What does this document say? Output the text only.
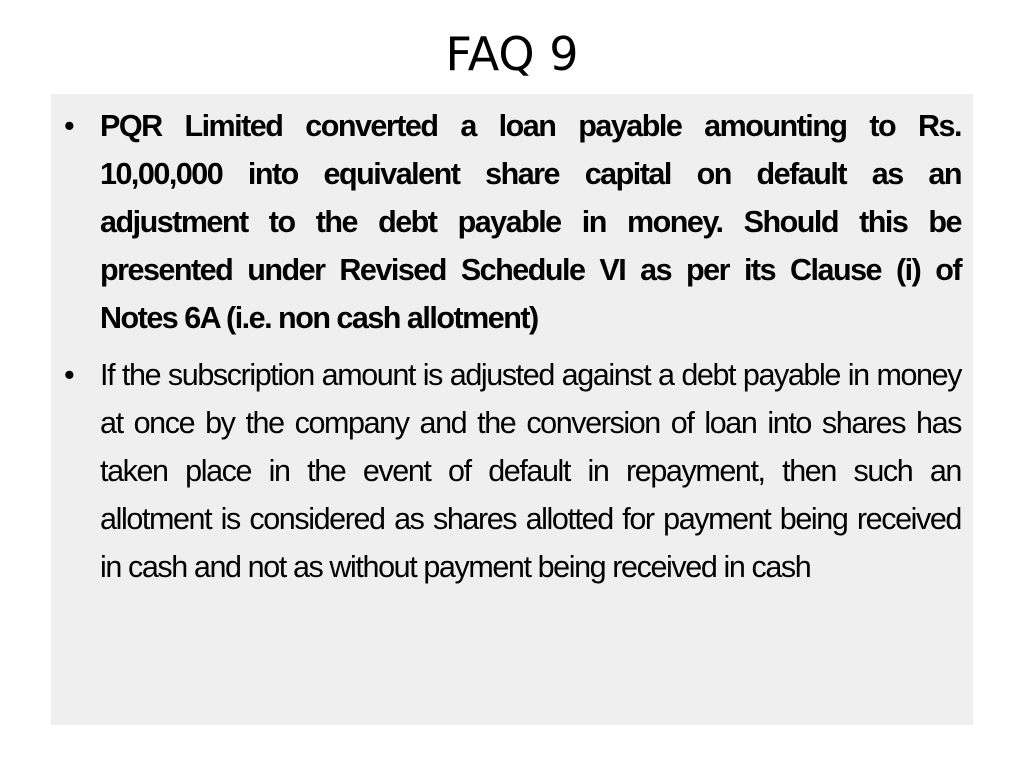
FAQ 9
• PQR Limited converted a loan payable amounting to Rs. 10,00,000 into equivalent share capital on default as an adjustment to the debt payable in money. Should this be presented under Revised Schedule VI as per its Clause (i) of Notes 6A (i.e. non cash allotment)
• If the subscription amount is adjusted against a debt payable in money at once by the company and the conversion of loan into shares has taken place in the event of default in repayment, then such an allotment is considered as shares allotted for payment being received in cash and not as without payment being received in cash
